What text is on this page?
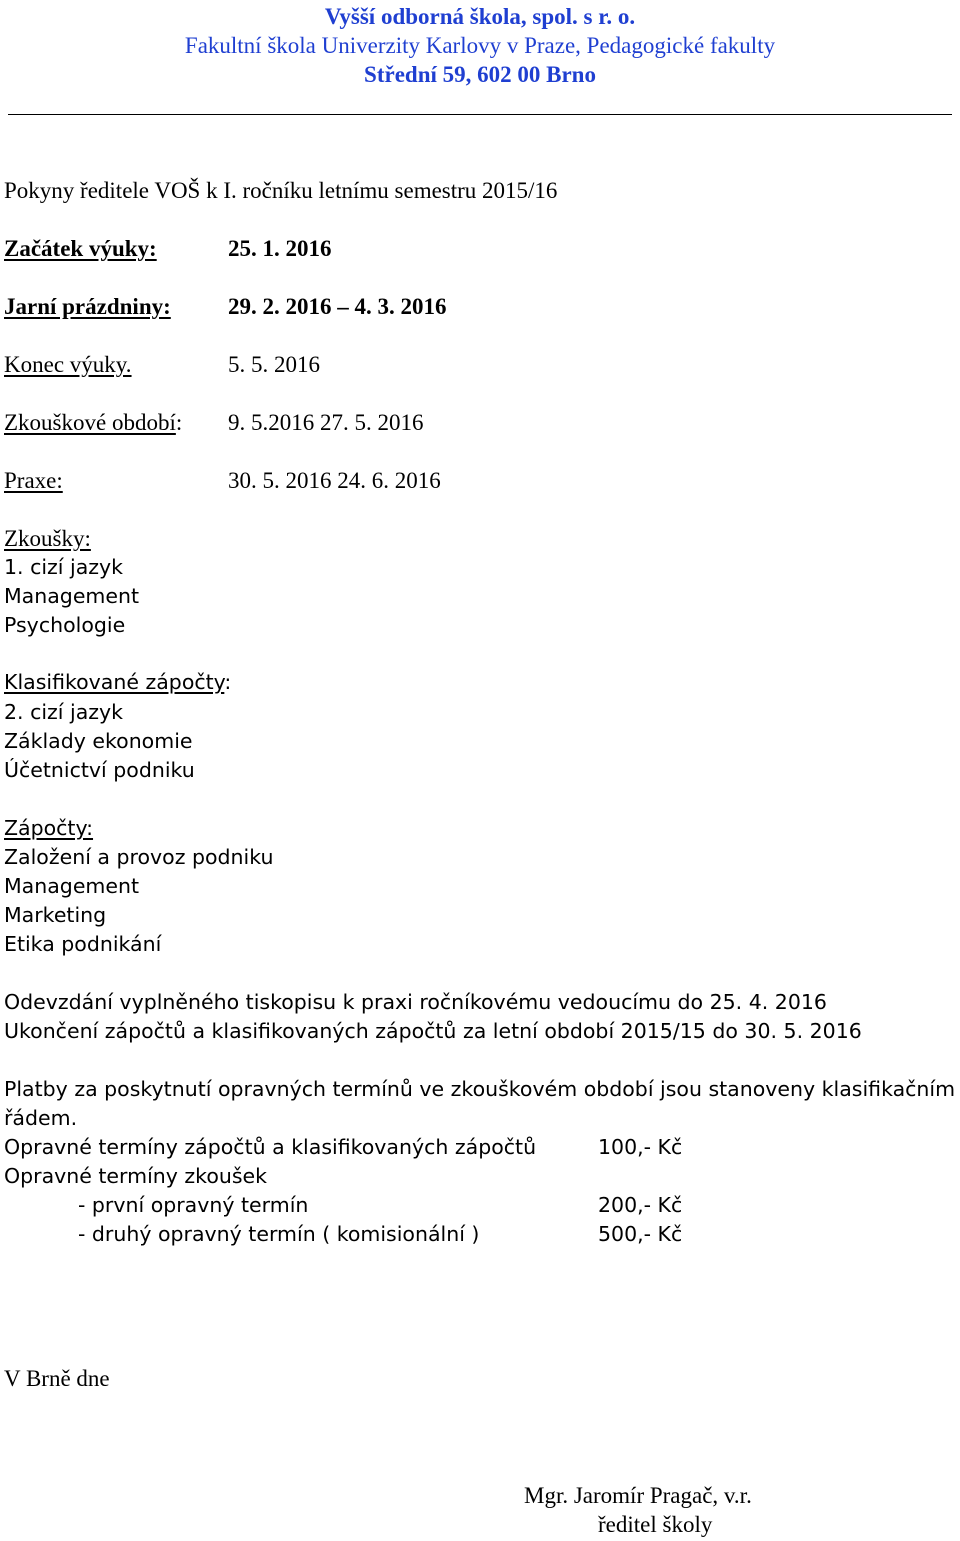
Vyšší odborná škola, spol. s r. o.
Fakultní škola Univerzity Karlovy v Praze, Pedagogické fakulty
Střední 59, 602 00 Brno
Pokyny ředitele VOŠ k I. ročníku letnímu semestru 2015/16
Začátek výuky:	25. 1. 2016
Jarní prázdniny: 29. 2. 2016 – 4. 3. 2016
Konec výuky.	5. 5. 2016
Zkouškové období: 9. 5.2016 27. 5. 2016
Praxe:	30. 5. 2016 24. 6. 2016
Zkoušky:
1. cizí jazyk
Management
Psychologie
Klasifikované zápočty:
2. cizí jazyk
Základy ekonomie
Účetnictví podniku
Zápočty:
Založení a provoz podniku
Management
Marketing
Etika podnikání
Odevzdání vyplněného tiskopisu k praxi ročníkovému vedoucímu do 25. 4. 2016
Ukončení zápočtů a klasifikovaných zápočtů za letní období 2015/15 do 30. 5. 2016
Platby za poskytnutí opravných termínů ve zkouškovém období jsou stanoveny klasifikačním
řádem.
Opravné termíny zápočtů a klasifikovaných zápočtů	100,- Kč
Opravné termíny zkoušek
- první opravný termín	200,- Kč
- druhý opravný termín ( komisionální )	500,- Kč
V Brně dne
Mgr. Jaromír Pragač, v.r.
ředitel školy
